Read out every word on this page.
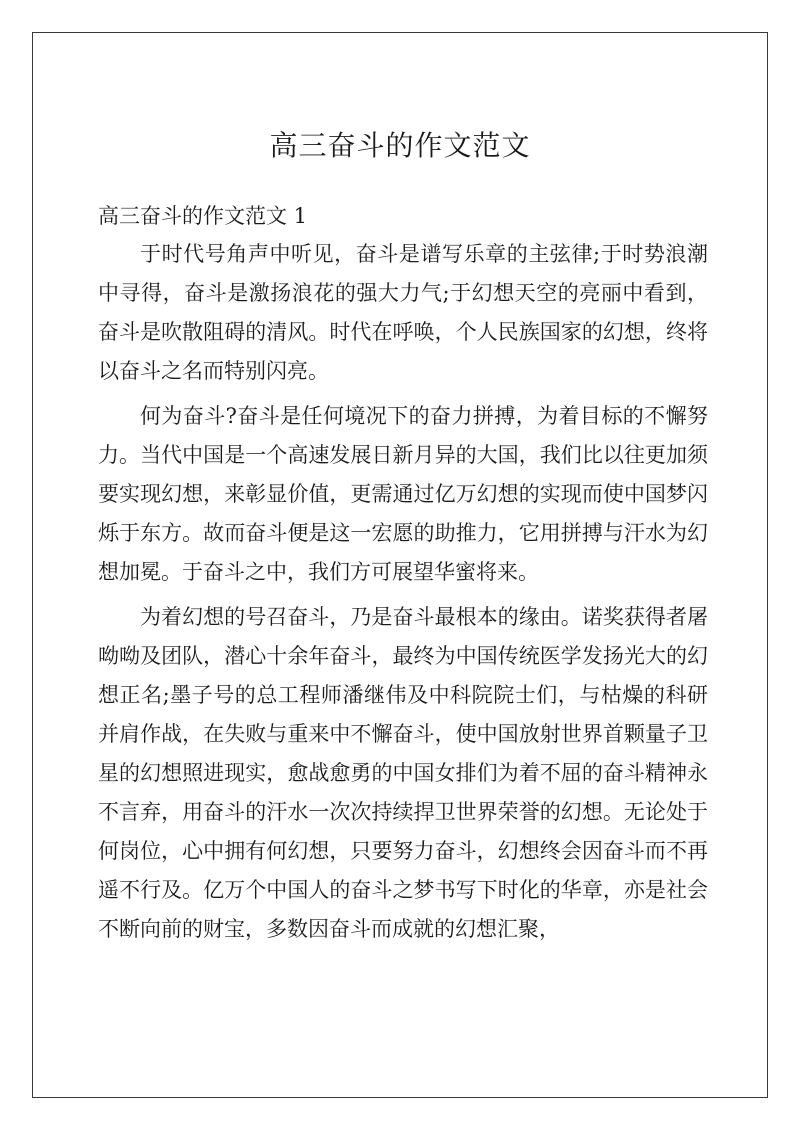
高三奋斗的作文范文
高三奋斗的作文范文 1

于时代号角声中听见，奋斗是谱写乐章的主弦律;于时势浪潮中寻得，奋斗是激扬浪花的强大力气;于幻想天空的亮丽中看到，奋斗是吹散阻碍的清风。时代在呼唤，个人民族国家的幻想，终将以奋斗之名而特别闪亮。

何为奋斗?奋斗是任何境况下的奋力拼搏，为着目标的不懈努力。当代中国是一个高速发展日新月异的大国，我们比以往更加须要实现幻想，来彰显价值，更需通过亿万幻想的实现而使中国梦闪烁于东方。故而奋斗便是这一宏愿的助推力，它用拼搏与汗水为幻想加冕。于奋斗之中，我们方可展望华蜜将来。

为着幻想的号召奋斗，乃是奋斗最根本的缘由。诺奖获得者屠呦呦及团队，潜心十余年奋斗，最终为中国传统医学发扬光大的幻想正名;墨子号的总工程师潘继伟及中科院院士们，与枯燥的科研并肩作战，在失败与重来中不懈奋斗，使中国放射世界首颗量子卫星的幻想照进现实，愈战愈勇的中国女排们为着不屈的奋斗精神永不言弃，用奋斗的汗水一次次持续捍卫世界荣誉的幻想。无论处于何岗位，心中拥有何幻想，只要努力奋斗，幻想终会因奋斗而不再遥不行及。亿万个中国人的奋斗之梦书写下时化的华章，亦是社会不断向前的财宝，多数因奋斗而成就的幻想汇聚，
